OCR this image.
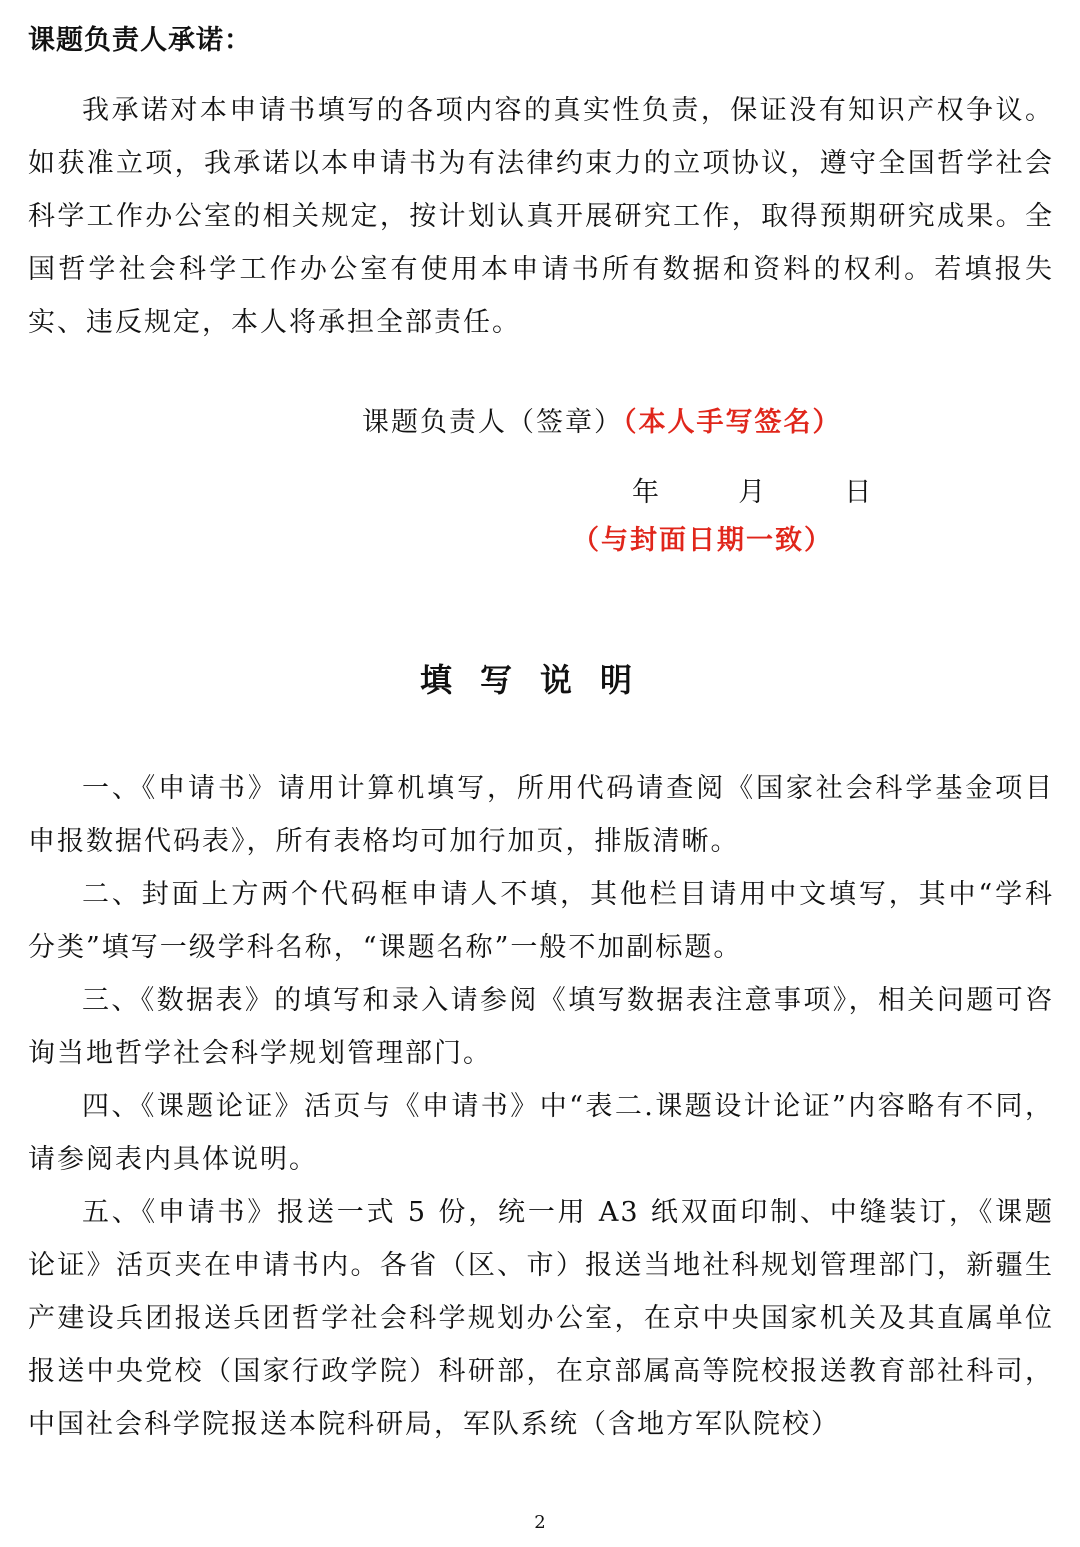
课题负责人承诺：

我承诺对本申请书填写的各项内容的真实性负责，保证没有知识产权争议。如获准立项，我承诺以本申请书为有法律约束力的立项协议，遵守全国哲学社会科学工作办公室的相关规定，按计划认真开展研究工作，取得预期研究成果。全国哲学社会科学工作办公室有使用本申请书所有数据和资料的权利。若填报失实、违反规定，本人将承担全部责任。

课题负责人（签章）（本人手写签名）
年	月	日
（与封面日期一致）
填写说明

一、《申请书》请用计算机填写，所用代码请查阅《国家社会科学基金项目申报数据代码表》，所有表格均可加行加页，排版清晰。

二、封面上方两个代码框申请人不填，其他栏目请用中文填写，其中“学科分类”填写一级学科名称，“课题名称”一般不加副标题。

三、《数据表》的填写和录入请参阅《填写数据表注意事项》，相关问题可咨询当地哲学社会科学规划管理部门。

四、《课题论证》活页与《申请书》中“表二.课题设计论证”内容略有不同，请参阅表内具体说明。

五、《申请书》报送一式 5 份，统一用 A3 纸双面印制、中缝装订，《课题论证》活页夹在申请书内。各省（区、市）报送当地社科规划管理部门，新疆生产建设兵团报送兵团哲学社会科学规划办公室，在京中央国家机关及其直属单位报送中央党校（国家行政学院）科研部，在京部属高等院校报送教育部社科司，中国社会科学院报送本院科研局，军队系统（含地方军队院校）

2
